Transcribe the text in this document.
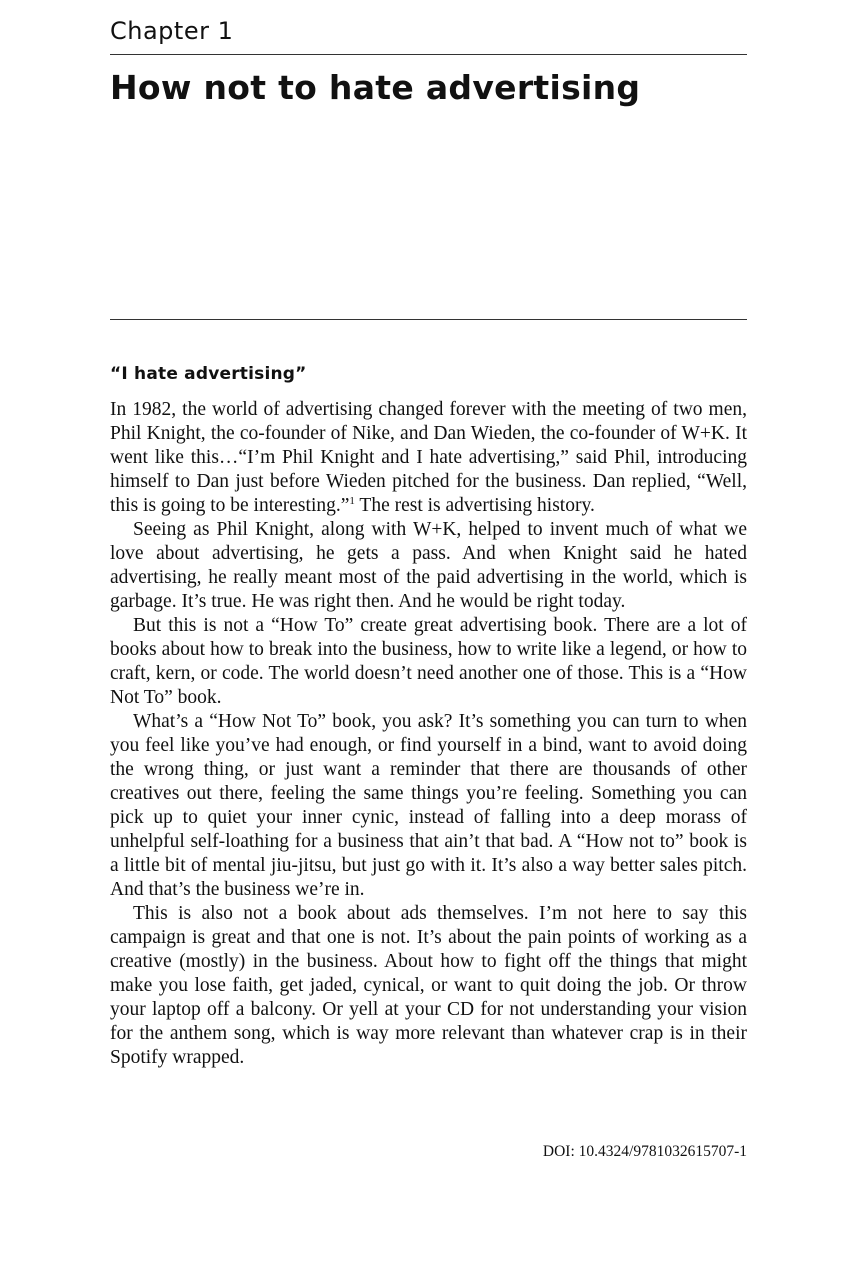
Chapter 1
How not to hate advertising
“I hate advertising”

In 1982, the world of advertising changed forever with the meeting of two men, Phil Knight, the co-founder of Nike, and Dan Wieden, the co-founder of W+K. It went like this…“I’m Phil Knight and I hate advertising,” said Phil, introducing himself to Dan just before Wieden pitched for the business. Dan replied, “Well, this is going to be interesting.”$^1$ The rest is advertising history.

Seeing as Phil Knight, along with W+K, helped to invent much of what we love about advertising, he gets a pass. And when Knight said he hated advertising, he really meant most of the paid advertising in the world, which is garbage. It’s true. He was right then. And he would be right today.

But this is not a “How To” create great advertising book. There are a lot of books about how to break into the business, how to write like a legend, or how to craft, kern, or code. The world doesn’t need another one of those. This is a “How Not To” book.

What’s a “How Not To” book, you ask? It’s something you can turn to when you feel like you’ve had enough, or find yourself in a bind, want to avoid doing the wrong thing, or just want a reminder that there are thousands of other creatives out there, feeling the same things you’re feeling. Something you can pick up to quiet your inner cynic, instead of falling into a deep morass of unhelpful self-loathing for a business that ain’t that bad. A “How not to” book is a little bit of mental jiu-jitsu, but just go with it. It’s also a way better sales pitch. And that’s the business we’re in.

This is also not a book about ads themselves. I’m not here to say this campaign is great and that one is not. It’s about the pain points of working as a creative (mostly) in the business. About how to fight off the things that might make you lose faith, get jaded, cynical, or want to quit doing the job. Or throw your laptop off a balcony. Or yell at your CD for not understanding your vision for the anthem song, which is way more relevant than whatever crap is in their Spotify wrapped.

DOI: 10.4324/9781032615707-1
